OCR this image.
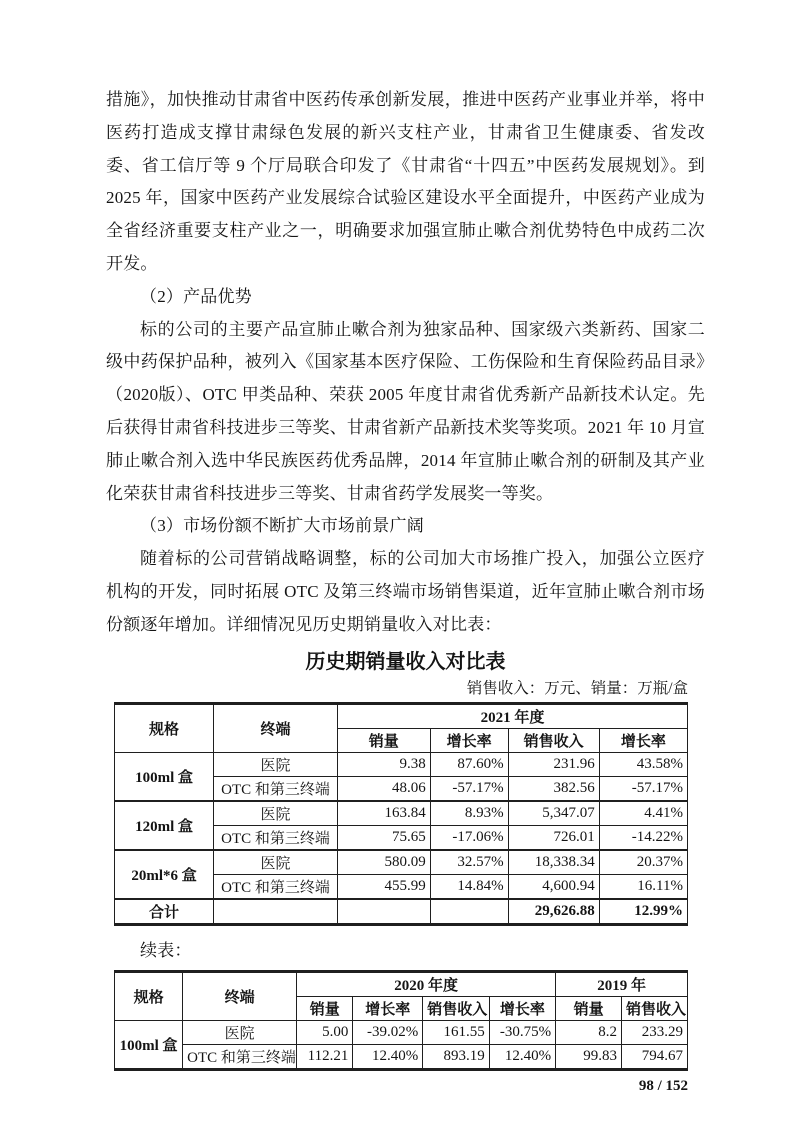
措施》，加快推动甘肃省中医药传承创新发展，推进中医药产业事业并举，将中医药打造成支撑甘肃绿色发展的新兴支柱产业，甘肃省卫生健康委、省发改委、省工信厅等 9 个厅局联合印发了《甘肃省“十四五”中医药发展规划》。到 2025 年，国家中医药产业发展综合试验区建设水平全面提升，中医药产业成为全省经济重要支柱产业之一，明确要求加强宣肺止嗽合剂优势特色中成药二次开发。

（2）产品优势

标的公司的主要产品宣肺止嗽合剂为独家品种、国家级六类新药、国家二级中药保护品种，被列入《国家基本医疗保险、工伤保险和生育保险药品目录》（2020版）、OTC 甲类品种、荣获 2005 年度甘肃省优秀新产品新技术认定。先后获得甘肃省科技进步三等奖、甘肃省新产品新技术奖等奖项。2021 年 10 月宣肺止嗽合剂入选中华民族医药优秀品牌，2014 年宣肺止嗽合剂的研制及其产业化荣获甘肃省科技进步三等奖、甘肃省药学发展奖一等奖。

（3）市场份额不断扩大市场前景广阔

随着标的公司营销战略调整，标的公司加大市场推广投入，加强公立医疗机构的开发，同时拓展 OTC 及第三终端市场销售渠道，近年宣肺止嗽合剂市场份额逐年增加。详细情况见历史期销量收入对比表：

历史期销量收入对比表
销售收入：万元、销量：万瓶/盒
规格	终端	2021 年度			
		销量	增长率	销售收入	增长率
100ml 盒	医院	9.38	87.60%	231.96	43.58%
	OTC 和第三终端	48.06	-57.17%	382.56	-57.17%
120ml 盒	医院	163.84	8.93%	5,347.07	4.41%
	OTC 和第三终端	75.65	-17.06%	726.01	-14.22%
20ml*6 盒	医院	580.09	32.57%	18,338.34	20.37%
	OTC 和第三终端	455.99	14.84%	4,600.94	16.11%
合计				29,626.88	12.99%

续表：

规格	终端	2020 年度				2019 年	
		销量	增长率	销售收入	增长率	销量	销售收入
100ml 盒	医院	5.00	-39.02%	161.55	-30.75%	8.2	233.29
	OTC 和第三终端	112.21	12.40%	893.19	12.40%	99.83	794.67
98 / 152
